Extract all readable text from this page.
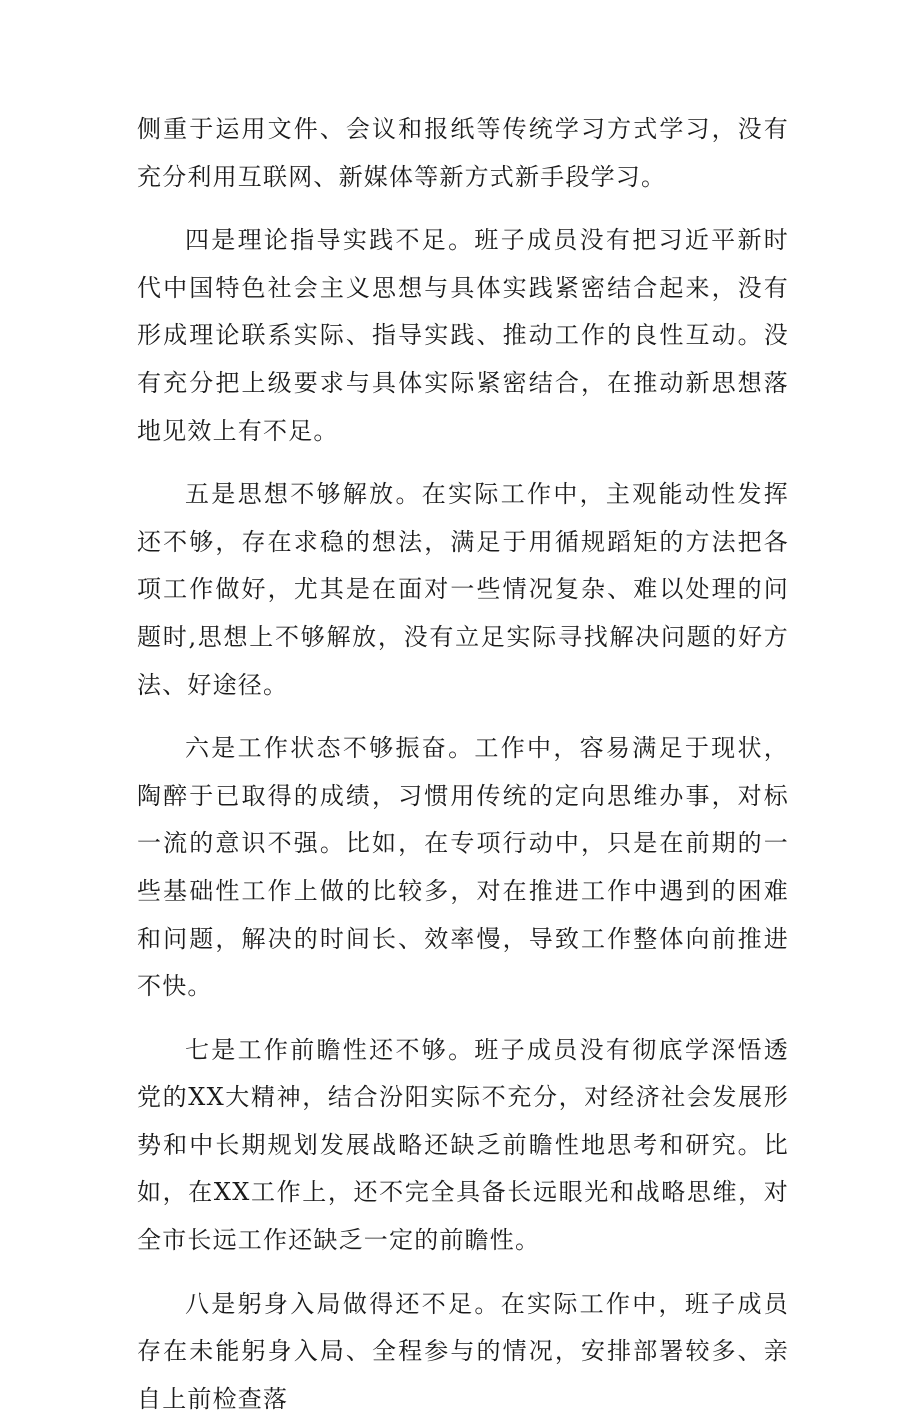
侧重于运用文件、会议和报纸等传统学习方式学习，没有充分利用互联网、新媒体等新方式新手段学习。

四是理论指导实践不足。班子成员没有把习近平新时代中国特色社会主义思想与具体实践紧密结合起来，没有形成理论联系实际、指导实践、推动工作的良性互动。没有充分把上级要求与具体实际紧密结合，在推动新思想落地见效上有不足。

五是思想不够解放。在实际工作中，主观能动性发挥还不够，存在求稳的想法，满足于用循规蹈矩的方法把各项工作做好，尤其是在面对一些情况复杂、难以处理的问题时,思想上不够解放，没有立足实际寻找解决问题的好方法、好途径。

六是工作状态不够振奋。工作中，容易满足于现状，陶醉于已取得的成绩，习惯用传统的定向思维办事，对标一流的意识不强。比如，在专项行动中，只是在前期的一些基础性工作上做的比较多，对在推进工作中遇到的困难和问题，解决的时间长、效率慢，导致工作整体向前推进不快。

七是工作前瞻性还不够。班子成员没有彻底学深悟透党的XX大精神，结合汾阳实际不充分，对经济社会发展形势和中长期规划发展战略还缺乏前瞻性地思考和研究。比如，在XX工作上，还不完全具备长远眼光和战略思维，对全市长远工作还缺乏一定的前瞻性。

八是躬身入局做得还不足。在实际工作中，班子成员存在未能躬身入局、全程参与的情况，安排部署较多、亲自上前检查落
